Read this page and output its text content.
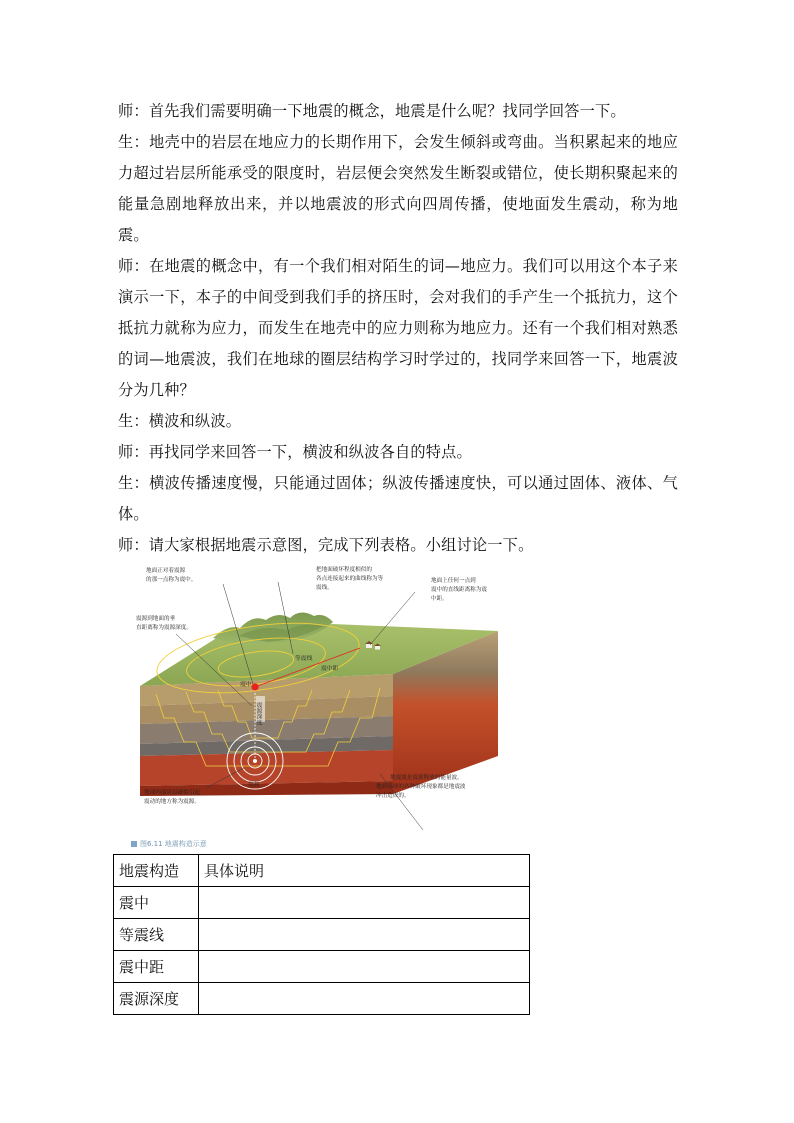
师：首先我们需要明确一下地震的概念，地震是什么呢？找同学回答一下。

生：地壳中的岩层在地应力的长期作用下，会发生倾斜或弯曲。当积累起来的地应力超过岩层所能承受的限度时，岩层便会突然发生断裂或错位，使长期积聚起来的能量急剧地释放出来，并以地震波的形式向四周传播，使地面发生震动，称为地震。

师：在地震的概念中，有一个我们相对陌生的词—地应力。我们可以用这个本子来演示一下，本子的中间受到我们手的挤压时，会对我们的手产生一个抵抗力，这个抵抗力就称为应力，而发生在地壳中的应力则称为地应力。还有一个我们相对熟悉的词—地震波，我们在地球的圈层结构学习时学过的，找同学来回答一下，地震波分为几种？

生：横波和纵波。

师：再找同学来回答一下，横波和纵波各自的特点。

生：横波传播速度慢，只能通过固体；纵波传播速度快，可以通过固体、液体、气体。

师：请大家根据地震示意图，完成下列表格。小组讨论一下。

震源深度
震中距
等震线
震中
震源
地面正对着震源
的那一点称为震中。
把地面破坏程度相似的
各点连接起来的曲线称为等
震线。
地面上任何一点到
震中的直线距离称为震
中距。
震源到地面的垂
直距离称为震源深度。
地球内部岩层破裂引起
震动的地方称为震源。
地震波是震源释放的能量波。
地面出现的各种破坏现象都是地震波
冲击造成的。
图6.11 地震构造示意
地震构造	具体说明
震中	
等震线	
震中距	
震源深度	
